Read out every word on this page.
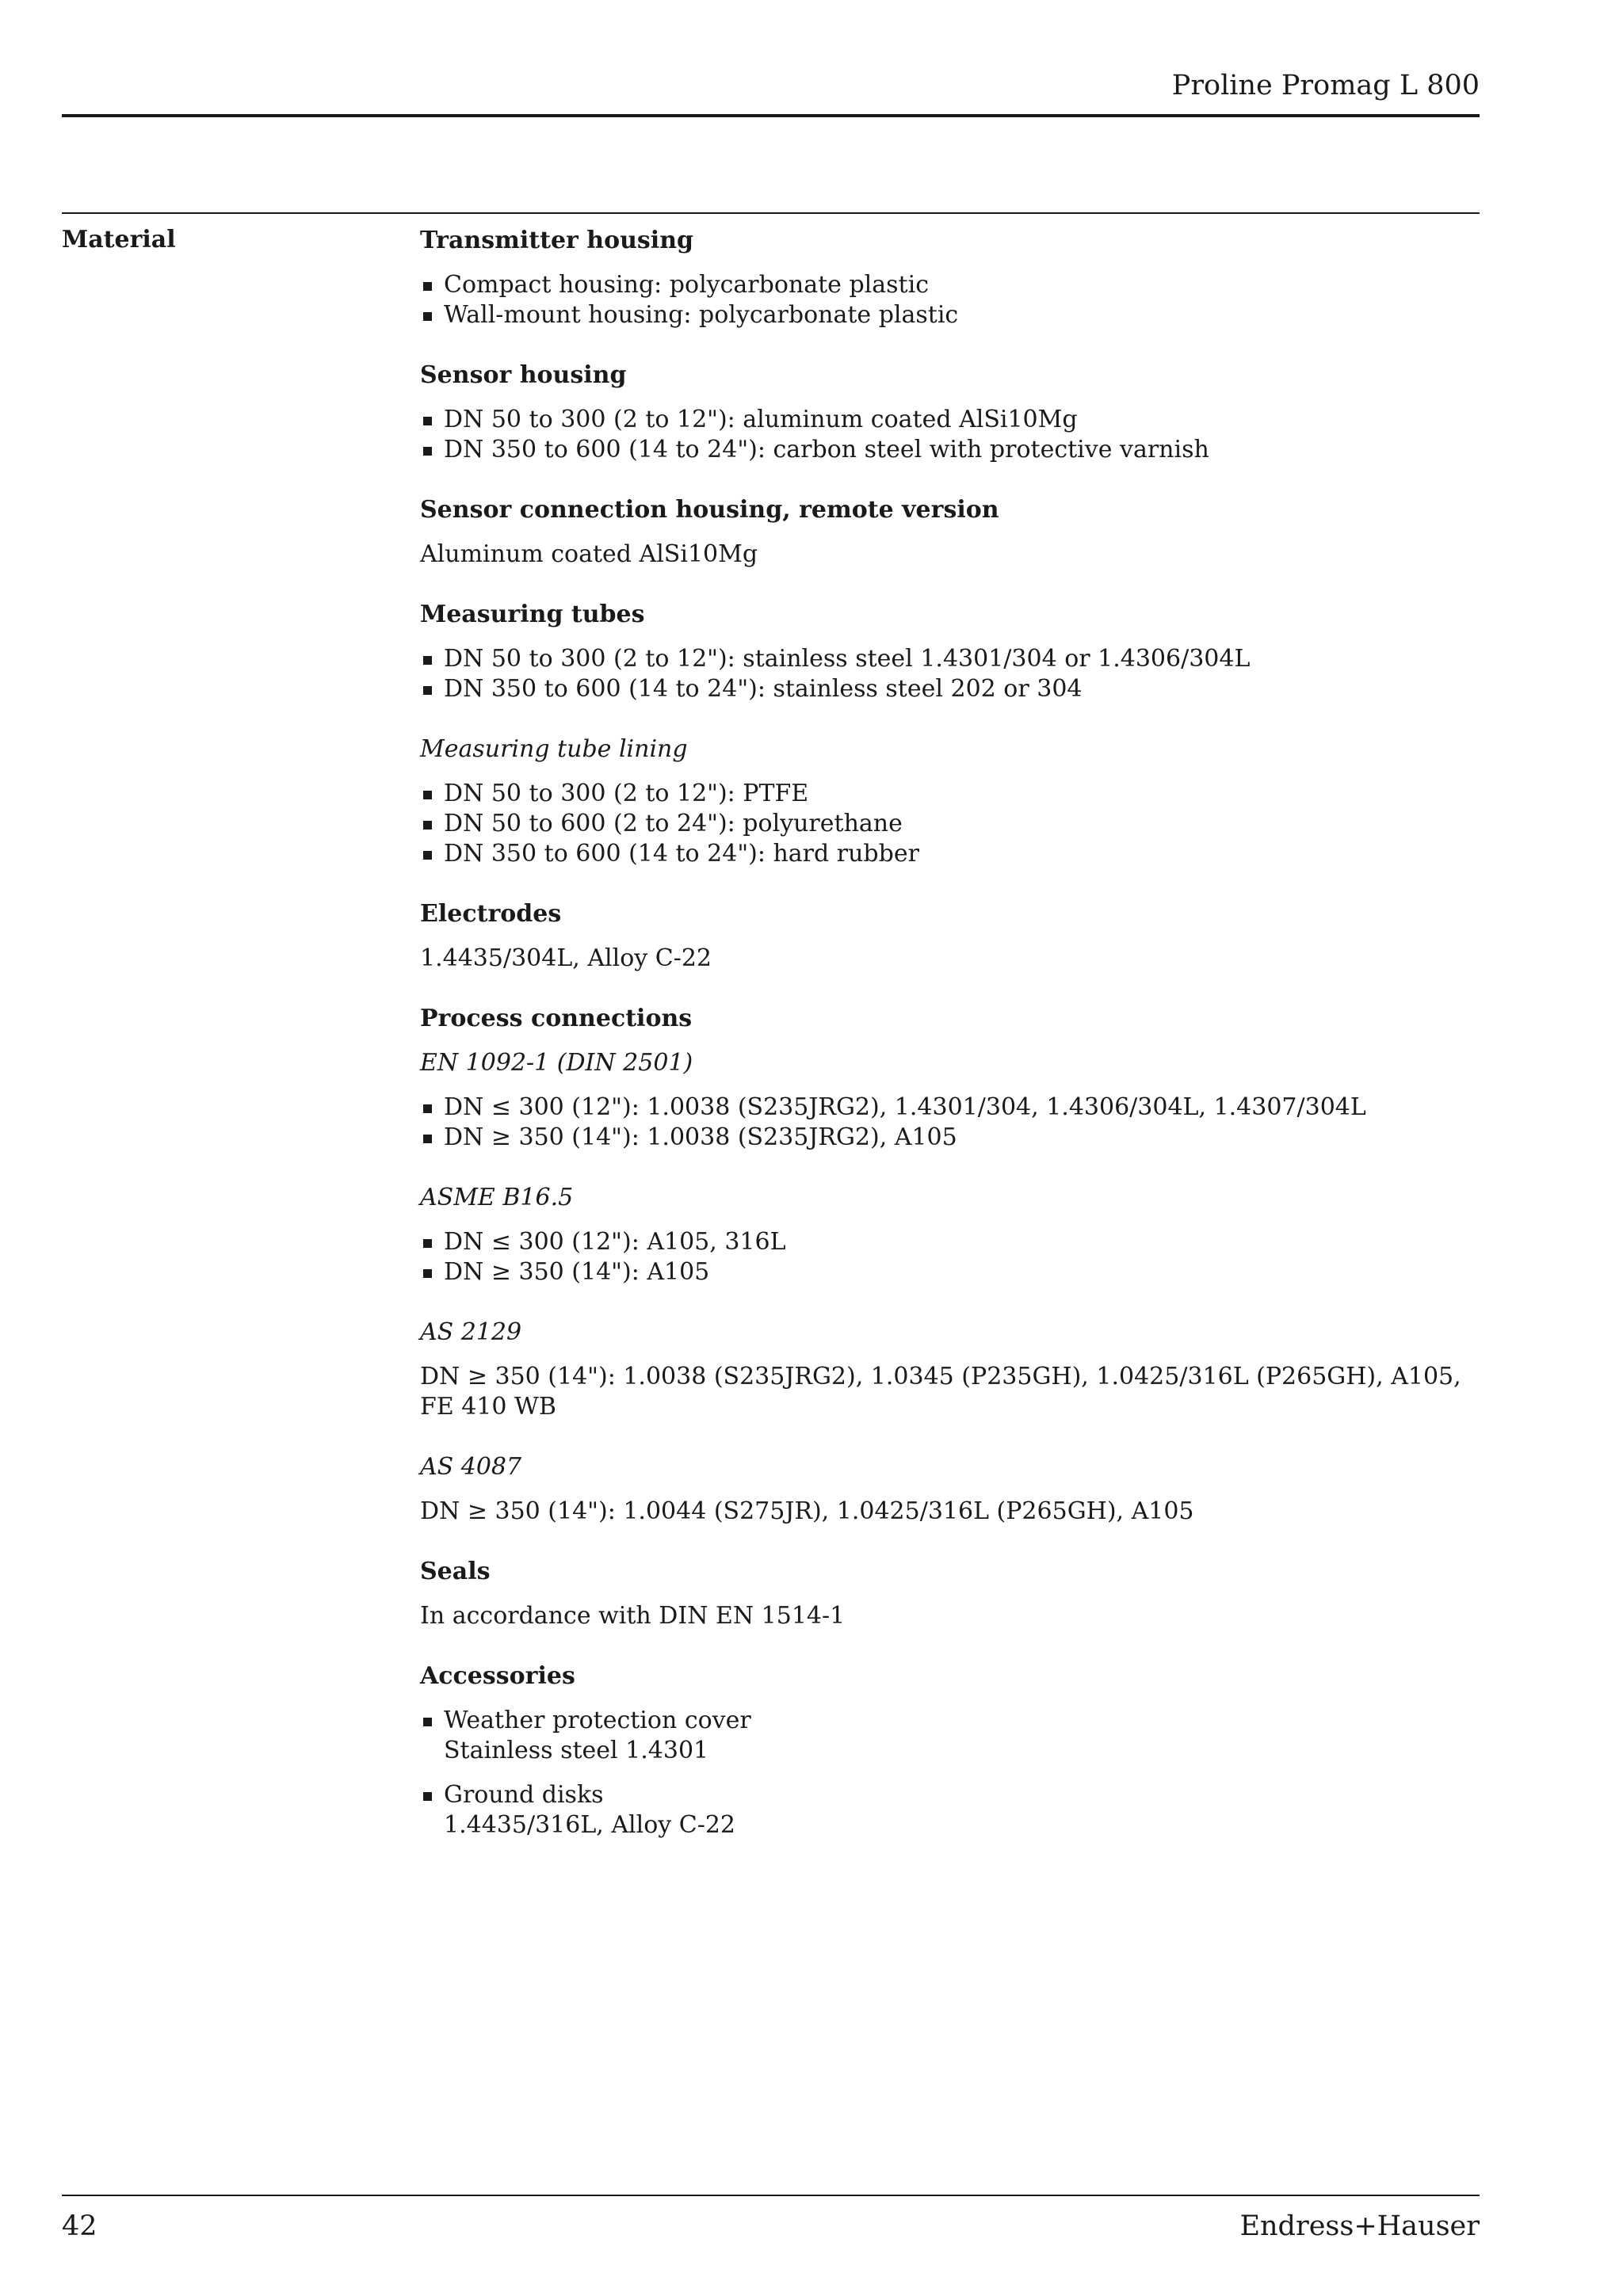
Proline Promag L 800
Material	Transmitter housing
Compact housing: polycarbonate plastic
Wall-mount housing: polycarbonate plastic
Sensor housing
DN 50 to 300 (2 to 12"): aluminum coated AlSi10Mg
DN 350 to 600 (14 to 24"): carbon steel with protective varnish
Sensor connection housing, remote version

Aluminum coated AlSi10Mg

Measuring tubes
DN 50 to 300 (2 to 12"): stainless steel 1.4301/304 or 1.4306/304L
DN 350 to 600 (14 to 24"): stainless steel 202 or 304
Measuring tube lining
DN 50 to 300 (2 to 12"): PTFE
DN 50 to 600 (2 to 24"): polyurethane
DN 350 to 600 (14 to 24"): hard rubber
Electrodes

1.4435/304L, Alloy C-22

Process connections
EN 1092-1 (DIN 2501)
DN ≤ 300 (12"): 1.0038 (S235JRG2), 1.4301/304, 1.4306/304L, 1.4307/304L
DN ≥ 350 (14"): 1.0038 (S235JRG2), A105
ASME B16.5
DN ≤ 300 (12"): A105, 316L
DN ≥ 350 (14"): A105
AS 2129

DN ≥ 350 (14"): 1.0038 (S235JRG2), 1.0345 (P235GH), 1.0425/316L (P265GH), A105, FE 410 WB

AS 4087

DN ≥ 350 (14"): 1.0044 (S275JR), 1.0425/316L (P265GH), A105

Seals

In accordance with DIN EN 1514-1

Accessories
Weather protection cover
Stainless steel 1.4301
Ground disks
1.4435/316L, Alloy C-22
42	Endress+Hauser
